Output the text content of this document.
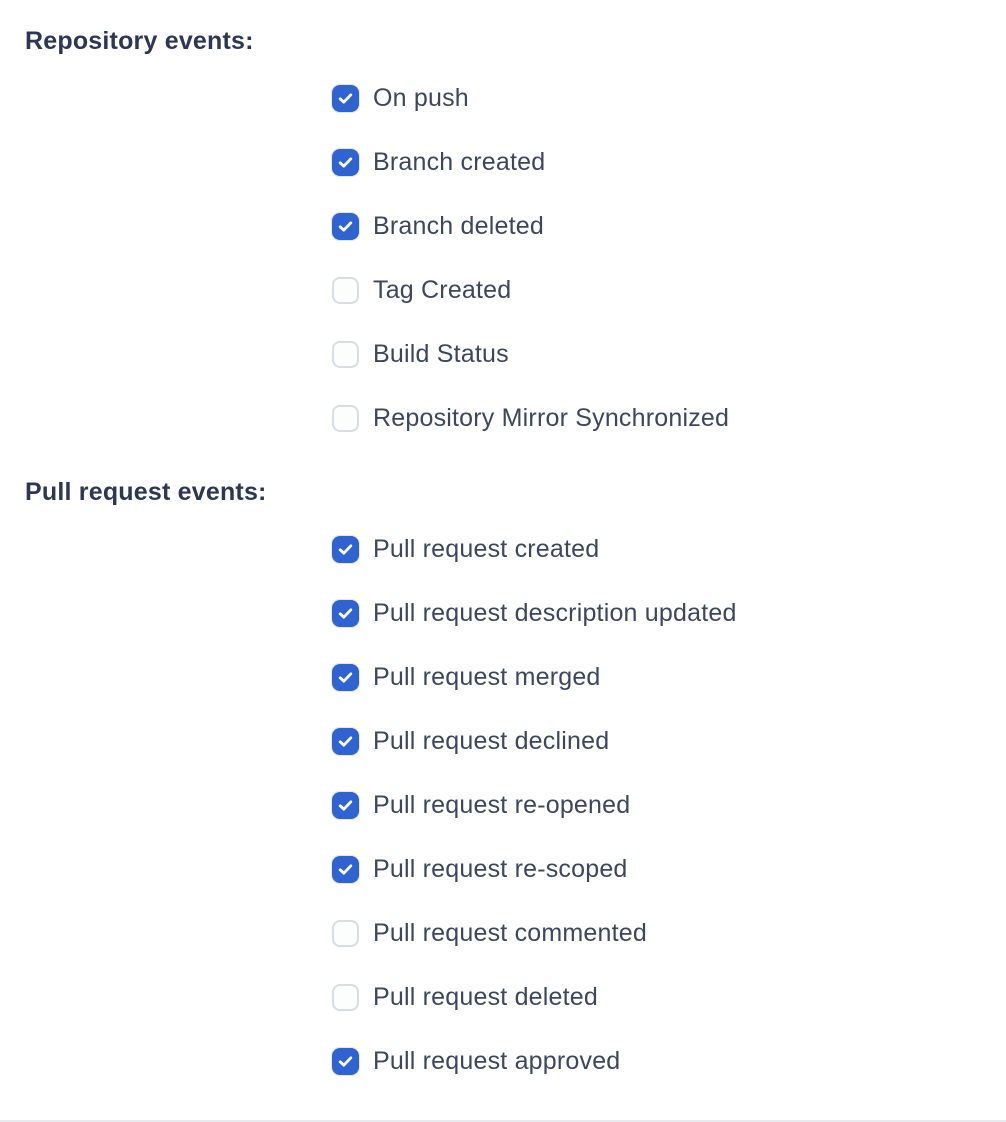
Repository events:
On push
Branch created
Branch deleted
Tag Created
Build Status
Repository Mirror Synchronized
Pull request events:
Pull request created
Pull request description updated
Pull request merged
Pull request declined
Pull request re-opened
Pull request re-scoped
Pull request commented
Pull request deleted
Pull request approved
